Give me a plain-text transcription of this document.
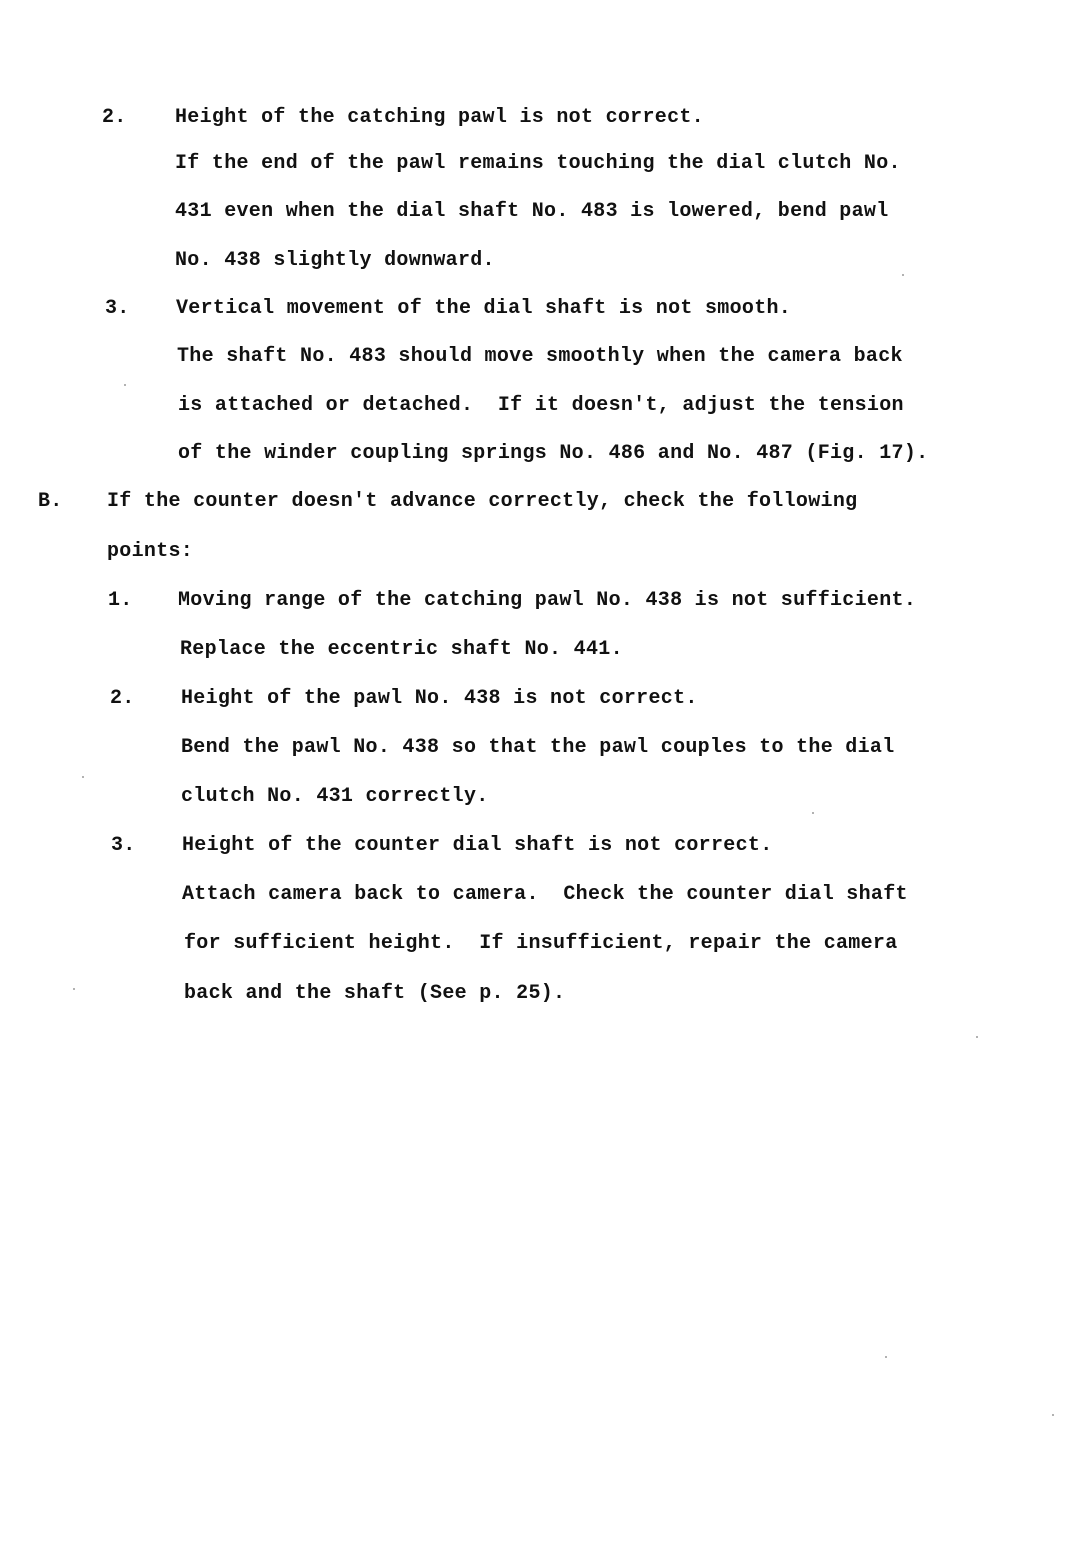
2.	Height of the catching pawl is not correct.
If the end of the pawl remains touching the dial clutch No.
431 even when the dial shaft No. 483 is lowered, bend pawl
No. 438 slightly downward.
3.	Vertical movement of the dial shaft is not smooth.
The shaft No. 483 should move smoothly when the camera back
is attached or detached.  If it doesn't, adjust the tension
of the winder coupling springs No. 486 and No. 487 (Fig. 17).
B.	If the counter doesn't advance correctly, check the following
points:
1.	Moving range of the catching pawl No. 438 is not sufficient.
Replace the eccentric shaft No. 441.
2.	Height of the pawl No. 438 is not correct.
Bend the pawl No. 438 so that the pawl couples to the dial
clutch No. 431 correctly.
3.	Height of the counter dial shaft is not correct.
Attach camera back to camera.  Check the counter dial shaft
for sufficient height.  If insufficient, repair the camera
back and the shaft (See p. 25).
